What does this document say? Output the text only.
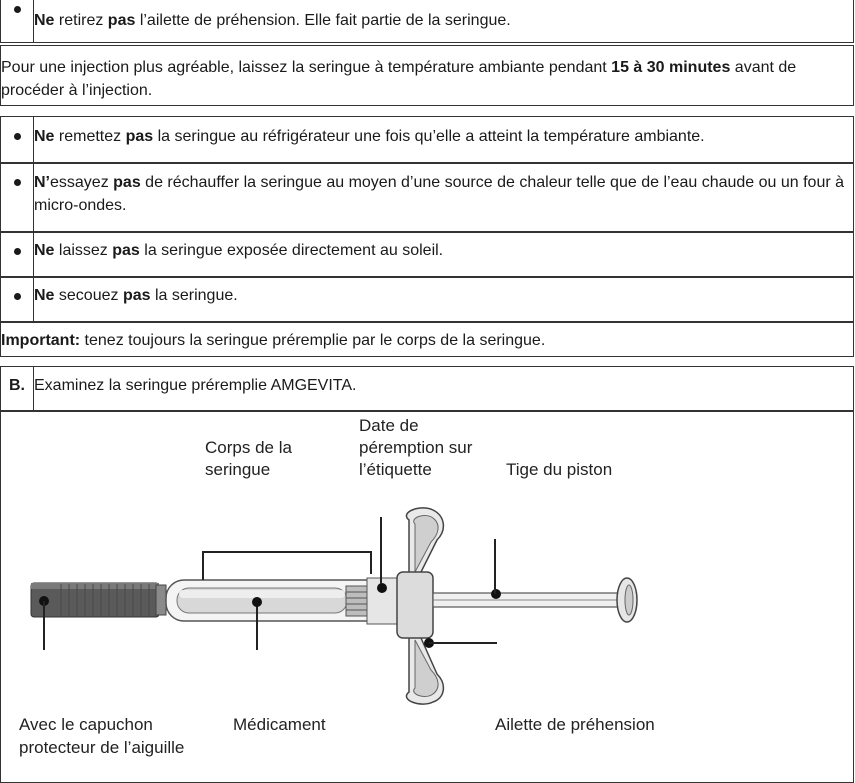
	Ne retirez pas l’ailette de préhension. Elle fait partie de la seringue.
Pour une injection plus agréable, laissez la seringue à température ambiante pendant 15 à 30 minutes avant de procéder à l’injection.
	Ne remettez pas la seringue au réfrigérateur une fois qu’elle a atteint la température ambiante.
	N’essayez pas de réchauffer la seringue au moyen d’une source de chaleur telle que de l’eau chaude ou un four à micro-ondes.
	Ne laissez pas la seringue exposée directement au soleil.
	Ne secouez pas la seringue.
Important: tenez toujours la seringue préremplie par le corps de la seringue.
B.	Examinez la seringue préremplie AMGEVITA.
Corps de la
seringue
Date de
péremption sur
l’étiquette	Tige du piston
Avec le capuchon
protecteur de l’aiguille
Médicament	Ailette de préhension
